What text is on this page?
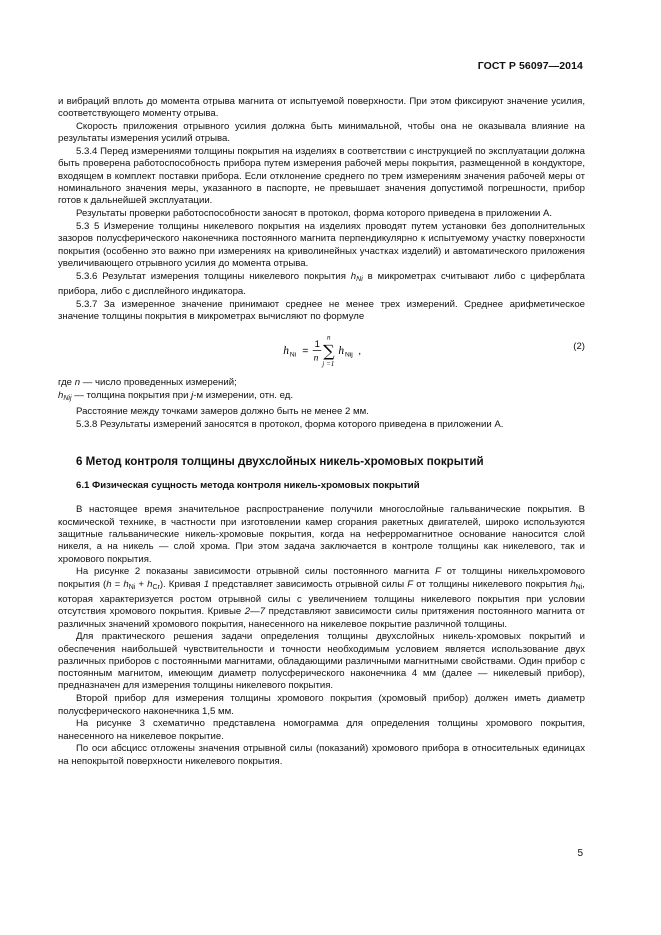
ГОСТ Р 56097—2014

и вибраций вплоть до момента отрыва магнита от испытуемой поверхности. При этом фиксируют значение усилия, соответствующего моменту отрыва.

Скорость приложения отрывного усилия должна быть минимальной, чтобы она не оказывала влияние на результаты измерения усилий отрыва.

5.3.4 Перед измерениями толщины покрытия на изделиях в соответствии с инструкцией по эксплуатации должна быть проверена работоспособность прибора путем измерения рабочей меры покрытия, размещенной в кондукторе, входящем в комплект поставки прибора. Если отклонение среднего по трем измерениям значения рабочей меры от номинального значения меры, указанного в паспорте, не превышает значения допустимой погрешности, прибор готов к дальнейшей эксплуатации.

Результаты проверки работоспособности заносят в протокол, форма которого приведена в приложении А.

5.3 5 Измерение толщины никелевого покрытия на изделиях проводят путем установки без дополнительных зазоров полусферического наконечника постоянного магнита перпендикулярно к испытуемому участку поверхности покрытия (особенно это важно при измерениях на криволинейных участках изделий) и автоматического приложения увеличивающего отрывного усилия до момента отрыва.

5.3.6 Результат измерения толщины никелевого покрытия $h_{Ni}$ в микрометрах считывают либо с циферблата прибора, либо с дисплейного индикатора.

5.3.7 За измеренное значение принимают среднее не менее трех измерений. Среднее арифметическое значение толщины покрытия в микрометрах вычисляют по формуле

h Ni =
1
n
n
∑
j =1
h Nij ,	(2)

где n — число проведенных измерений;

$h_{Nij}$ — толщина покрытия при j-м измерении, отн. ед.

Расстояние между точками замеров должно быть не менее 2 мм.

5.3.8 Результаты измерений заносятся в протокол, форма которого приведена в приложении А.

6 Метод контроля толщины двухслойных никель-хромовых покрытий
6.1 Физическая сущность метода контроля никель-хромовых покрытий

В настоящее время значительное распространение получили многослойные гальванические покрытия. В космической технике, в частности при изготовлении камер сгорания ракетных двигателей, широко используются защитные гальванические никель-хромовые покрытия, когда на неферромагнитное основание наносится слой никеля, а на никель — слой хрома. При этом задача заключается в контроле толщины как никелевого, так и хромового покрытия.

На рисунке 2 показаны зависимости отрывной силы постоянного магнита F от толщины никельхромового покрытия $(h = h_{Ni} + h_{Cr})$. Кривая 1 представляет зависимость отрывной силы F от толщины никелевого покрытия $h_{Ni}$, которая характеризуется ростом отрывной силы с увеличением толщины никелевого покрытия при условии отсутствия хромового покрытия. Кривые 2—7 представляют зависимости силы притяжения постоянного магнита от различных значений хромового покрытия, нанесенного на никелевое покрытие различной толщины.

Для практического решения задачи определения толщины двухслойных никель-хромовых покрытий и обеспечения наибольшей чувствительности и точности необходимым условием является использование двух различных приборов с постоянными магнитами, обладающими различными магнитными свойствами. Один прибор с постоянным магнитом, имеющим диаметр полусферического наконечника 4 мм (далее — никелевый прибор), предназначен для измерения толщины никелевого покрытия.

Второй прибор для измерения толщины хромового покрытия (хромовый прибор) должен иметь диаметр полусферического наконечника 1,5 мм.

На рисунке 3 схематично представлена номограмма для определения толщины хромового покрытия, нанесенного на никелевое покрытие.

По оси абсцисс отложены значения отрывной силы (показаний) хромового прибора в относительных единицах на непокрытой поверхности никелевого покрытия.

5
